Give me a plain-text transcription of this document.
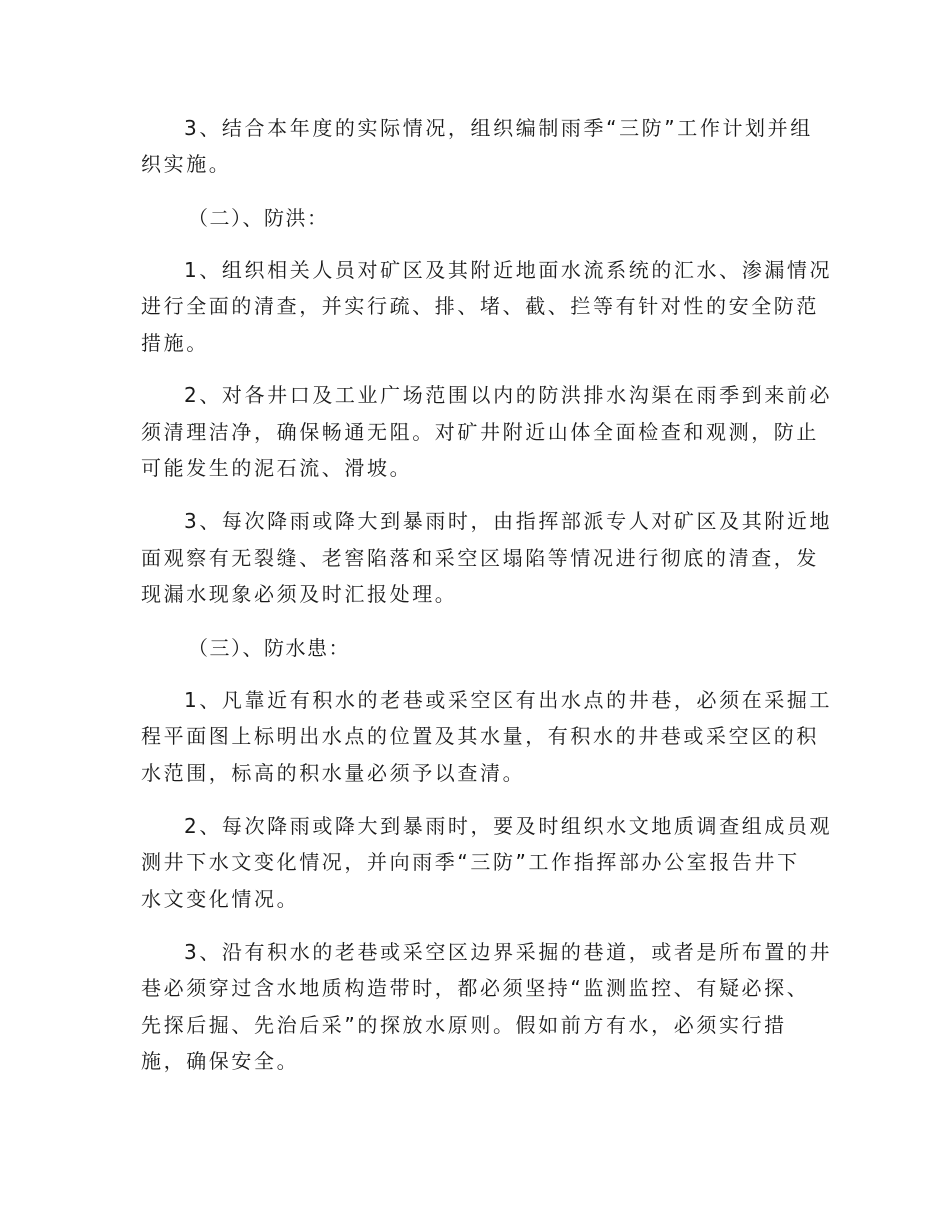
3、结合本年度的实际情况，组织编制雨季“三防”工作计划并组

织实施。

（二）、防洪：

1、组织相关人员对矿区及其附近地面水流系统的汇水、渗漏情况

进行全面的清查，并实行疏、排、堵、截、拦等有针对性的安全防范

措施。

2、对各井口及工业广场范围以内的防洪排水沟渠在雨季到来前必

须清理洁净，确保畅通无阻。对矿井附近山体全面检查和观测，防止

可能发生的泥石流、滑坡。

3、每次降雨或降大到暴雨时，由指挥部派专人对矿区及其附近地

面观察有无裂缝、老窖陷落和采空区塌陷等情况进行彻底的清查，发

现漏水现象必须及时汇报处理。

（三）、防水患：

1、凡靠近有积水的老巷或采空区有出水点的井巷，必须在采掘工

程平面图上标明出水点的位置及其水量，有积水的井巷或采空区的积

水范围，标高的积水量必须予以查清。

2、每次降雨或降大到暴雨时，要及时组织水文地质调查组成员观

测井下水文变化情况，并向雨季“三防”工作指挥部办公室报告井下

水文变化情况。

3、沿有积水的老巷或采空区边界采掘的巷道，或者是所布置的井

巷必须穿过含水地质构造带时，都必须坚持“监测监控、有疑必探、

先探后掘、先治后采”的探放水原则。假如前方有水，必须实行措

施，确保安全。
